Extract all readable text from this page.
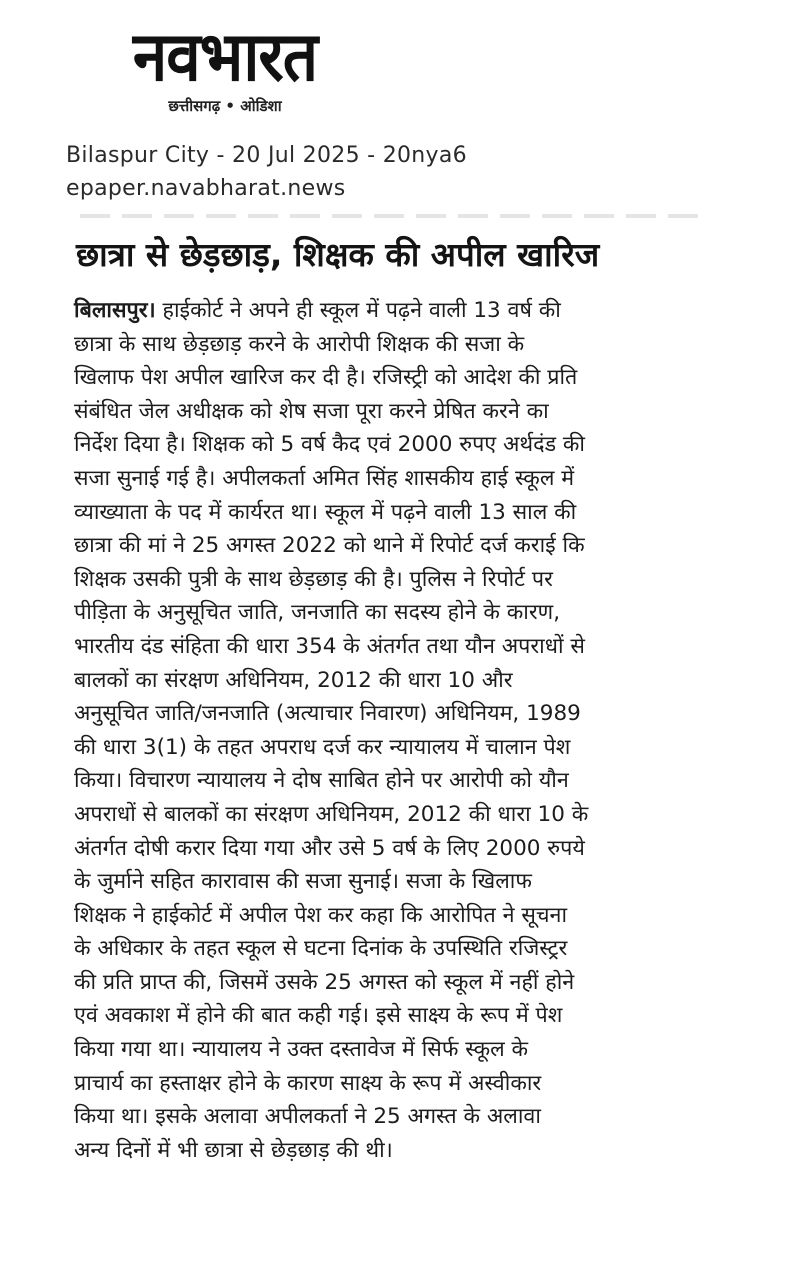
नवभारत
छत्तीसगढ़ • ओडिशा
Bilaspur City - 20 Jul 2025 - 20nya6
epaper.navabharat.news
छात्रा से छेड़छाड़, शिक्षक की अपील खारिज
बिलासपुर। हाईकोर्ट ने अपने ही स्कूल में पढ़ने वाली 13 वर्ष की
छात्रा के साथ छेड़छाड़ करने के आरोपी शिक्षक की सजा के
खिलाफ पेश अपील खारिज कर दी है। रजिस्ट्री को आदेश की प्रति
संबंधित जेल अधीक्षक को शेष सजा पूरा करने प्रेषित करने का
निर्देश दिया है। शिक्षक को 5 वर्ष कैद एवं 2000 रुपए अर्थदंड की
सजा सुनाई गई है। अपीलकर्ता अमित सिंह शासकीय हाई स्कूल में
व्याख्याता के पद में कार्यरत था। स्कूल में पढ़ने वाली 13 साल की
छात्रा की मां ने 25 अगस्त 2022 को थाने में रिपोर्ट दर्ज कराई कि
शिक्षक उसकी पुत्री के साथ छेड़छाड़ की है। पुलिस ने रिपोर्ट पर
पीड़िता के अनुसूचित जाति, जनजाति का सदस्य होने के कारण,
भारतीय दंड संहिता की धारा 354 के अंतर्गत तथा यौन अपराधों से
बालकों का संरक्षण अधिनियम, 2012 की धारा 10 और
अनुसूचित जाति/जनजाति (अत्याचार निवारण) अधिनियम, 1989
की धारा 3(1) के तहत अपराध दर्ज कर न्यायालय में चालान पेश
किया। विचारण न्यायालय ने दोष साबित होने पर आरोपी को यौन
अपराधों से बालकों का संरक्षण अधिनियम, 2012 की धारा 10 के
अंतर्गत दोषी करार दिया गया और उसे 5 वर्ष के लिए 2000 रुपये
के जुर्माने सहित कारावास की सजा सुनाई। सजा के खिलाफ
शिक्षक ने हाईकोर्ट में अपील पेश कर कहा कि आरोपित ने सूचना
के अधिकार के तहत स्कूल से घटना दिनांक के उपस्थिति रजिस्ट्रर
की प्रति प्राप्त की, जिसमें उसके 25 अगस्त को स्कूल में नहीं होने
एवं अवकाश में होने की बात कही गई। इसे साक्ष्य के रूप में पेश
किया गया था। न्यायालय ने उक्त दस्तावेज में सिर्फ स्कूल के
प्राचार्य का हस्ताक्षर होने के कारण साक्ष्य के रूप में अस्वीकार
किया था। इसके अलावा अपीलकर्ता ने 25 अगस्त के अलावा
अन्य दिनों में भी छात्रा से छेड़छाड़ की थी।
